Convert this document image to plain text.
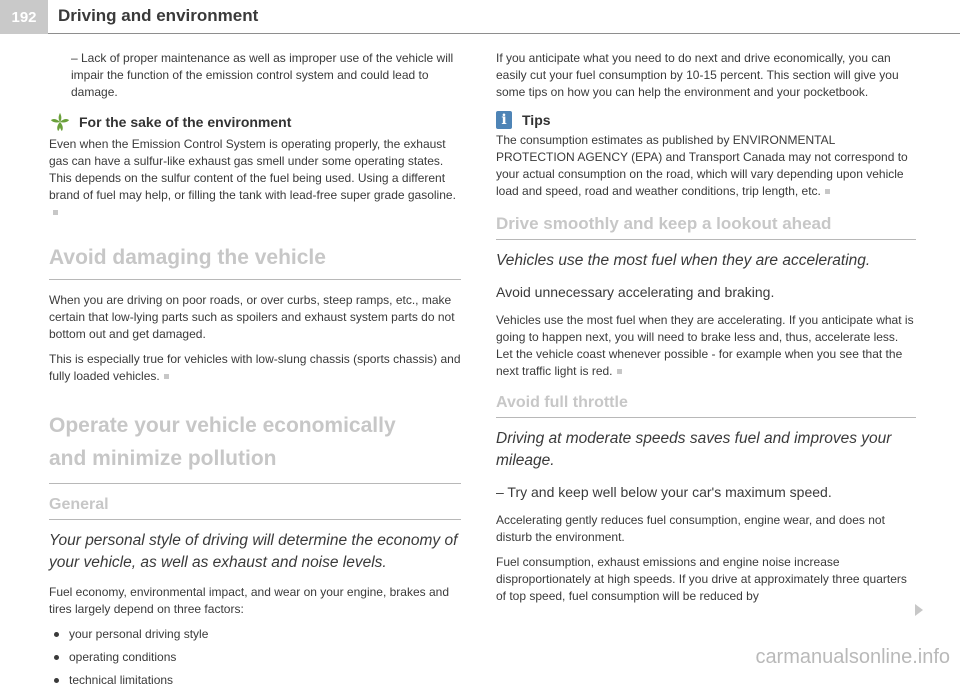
192	Driving and environment

– Lack of proper maintenance as well as improper use of the vehicle will impair the function of the emission control system and could lead to damage.

For the sake of the environment

Even when the Emission Control System is operating properly, the exhaust gas can have a sulfur-like exhaust gas smell under some operating states. This depends on the sulfur content of the fuel being used. Using a different brand of fuel may help, or filling the tank with lead-free super grade gasoline.

Avoid damaging the vehicle

When you are driving on poor roads, or over curbs, steep ramps, etc., make certain that low-lying parts such as spoilers and exhaust system parts do not bottom out and get damaged.

This is especially true for vehicles with low-slung chassis (sports chassis) and fully loaded vehicles.

Operate your vehicle economically
and minimize pollution
General

Your personal style of driving will determine the economy of your vehicle, as well as exhaust and noise levels.

Fuel economy, environmental impact, and wear on your engine, brakes and tires largely depend on three factors:

your personal driving style
operating conditions
technical limitations

If you anticipate what you need to do next and drive economically, you can easily cut your fuel consumption by 10-15 percent. This section will give you some tips on how you can help the environment and your pocketbook.

i	Tips

The consumption estimates as published by ENVIRONMENTAL PROTECTION AGENCY (EPA) and Transport Canada may not correspond to your actual consumption on the road, which will vary depending upon vehicle load and speed, road and weather conditions, trip length, etc.

Drive smoothly and keep a lookout ahead

Vehicles use the most fuel when they are accelerating.

Avoid unnecessary accelerating and braking.

Vehicles use the most fuel when they are accelerating. If you anticipate what is going to happen next, you will need to brake less and, thus, accelerate less. Let the vehicle coast whenever possible - for example when you see that the next traffic light is red.

Avoid full throttle

Driving at moderate speeds saves fuel and improves your mileage.

– Try and keep well below your car's maximum speed.

Accelerating gently reduces fuel consumption, engine wear, and does not disturb the environment.

Fuel consumption, exhaust emissions and engine noise increase disproportionately at high speeds. If you drive at approximately three quarters of top speed, fuel consumption will be reduced by

carmanualsonline.info
